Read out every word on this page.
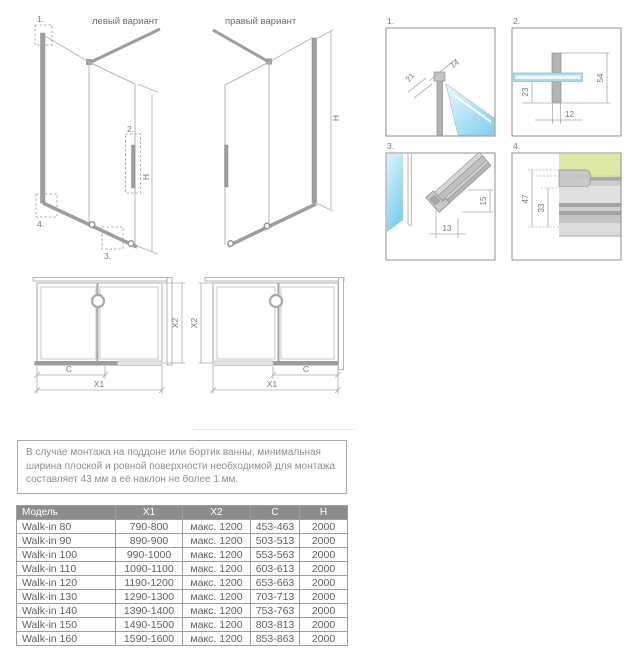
левый вариант
H
1.
2.
3.
4.
правый вариант
H
1.
14
21
2.
54
23
12
3.
13
15
4.
47
33
X2
C
X1
X2
C
X1
В случае монтажа на поддоне или бортик ванны, минимальная ширина плоской и ровной поверхности необходимой для монтажа составляет 43 мм а её наклон не более 1 мм.
Модель	X1	X2	C	H
Walk-in 80	790-800	макс. 1200	453-463	2000
Walk-in 90	890-900	макс. 1200	503-513	2000
Walk-in 100	990-1000	макс. 1200	553-563	2000
Walk-in 110	1090-1100	макс. 1200	603-613	2000
Walk-in 120	1190-1200	макс. 1200	653-663	2000
Walk-in 130	1290-1300	макс. 1200	703-713	2000
Walk-in 140	1390-1400	макс. 1200	753-763	2000
Walk-in 150	1490-1500	макс. 1200	803-813	2000
Walk-in 160	1590-1600	макс. 1200	853-863	2000
